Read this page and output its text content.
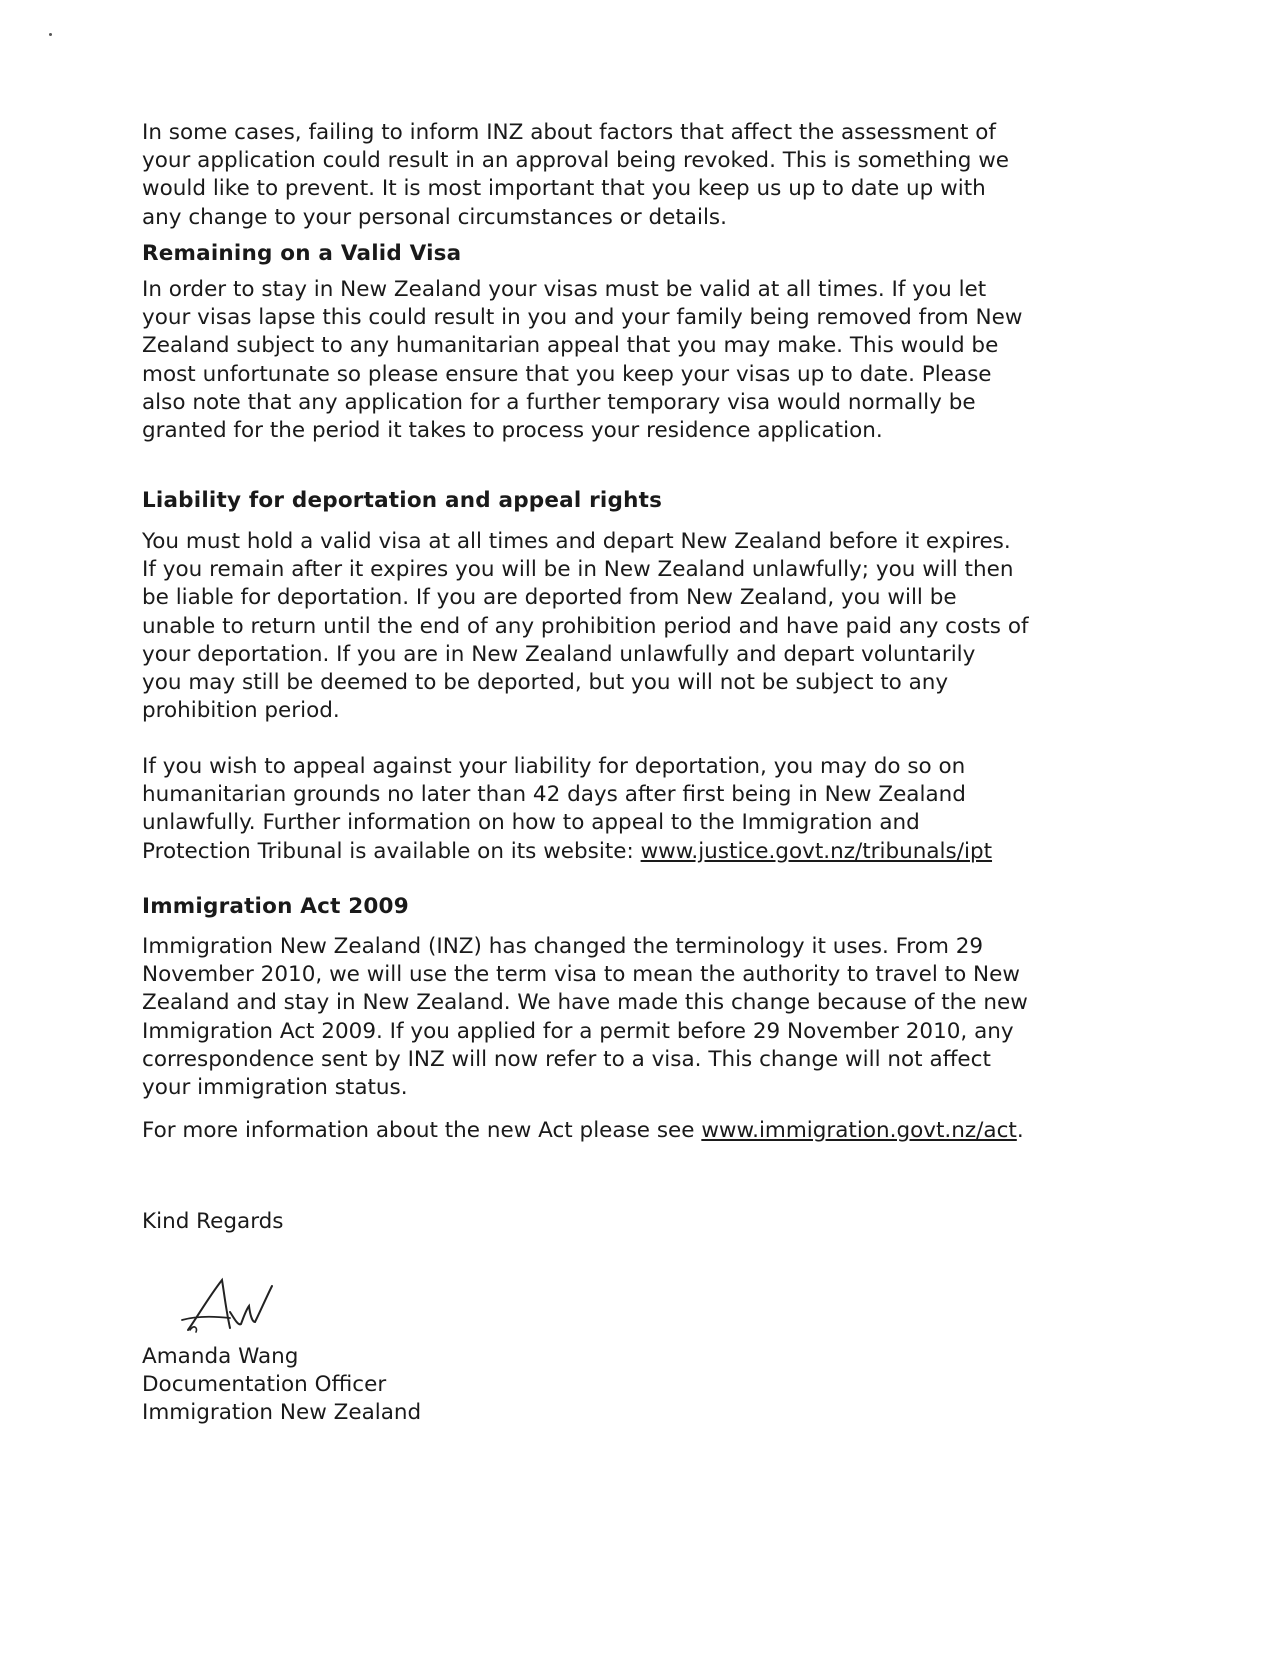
In some cases, failing to inform INZ about factors that affect the assessment of
your application could result in an approval being revoked. This is something we
would like to prevent. It is most important that you keep us up to date up with
any change to your personal circumstances or details.
Remaining on a Valid Visa
In order to stay in New Zealand your visas must be valid at all times. If you let
your visas lapse this could result in you and your family being removed from New
Zealand subject to any humanitarian appeal that you may make. This would be
most unfortunate so please ensure that you keep your visas up to date. Please
also note that any application for a further temporary visa would normally be
granted for the period it takes to process your residence application.
Liability for deportation and appeal rights
You must hold a valid visa at all times and depart New Zealand before it expires.
If you remain after it expires you will be in New Zealand unlawfully; you will then
be liable for deportation. If you are deported from New Zealand, you will be
unable to return until the end of any prohibition period and have paid any costs of
your deportation. If you are in New Zealand unlawfully and depart voluntarily
you may still be deemed to be deported, but you will not be subject to any
prohibition period.
If you wish to appeal against your liability for deportation, you may do so on
humanitarian grounds no later than 42 days after first being in New Zealand
unlawfully. Further information on how to appeal to the Immigration and
Protection Tribunal is available on its website: www.justice.govt.nz/tribunals/ipt
Immigration Act 2009
Immigration New Zealand (INZ) has changed the terminology it uses. From 29
November 2010, we will use the term visa to mean the authority to travel to New
Zealand and stay in New Zealand. We have made this change because of the new
Immigration Act 2009. If you applied for a permit before 29 November 2010, any
correspondence sent by INZ will now refer to a visa. This change will not affect
your immigration status.
For more information about the new Act please see www.immigration.govt.nz/act.
Kind Regards
Amanda Wang
Documentation Officer
Immigration New Zealand
